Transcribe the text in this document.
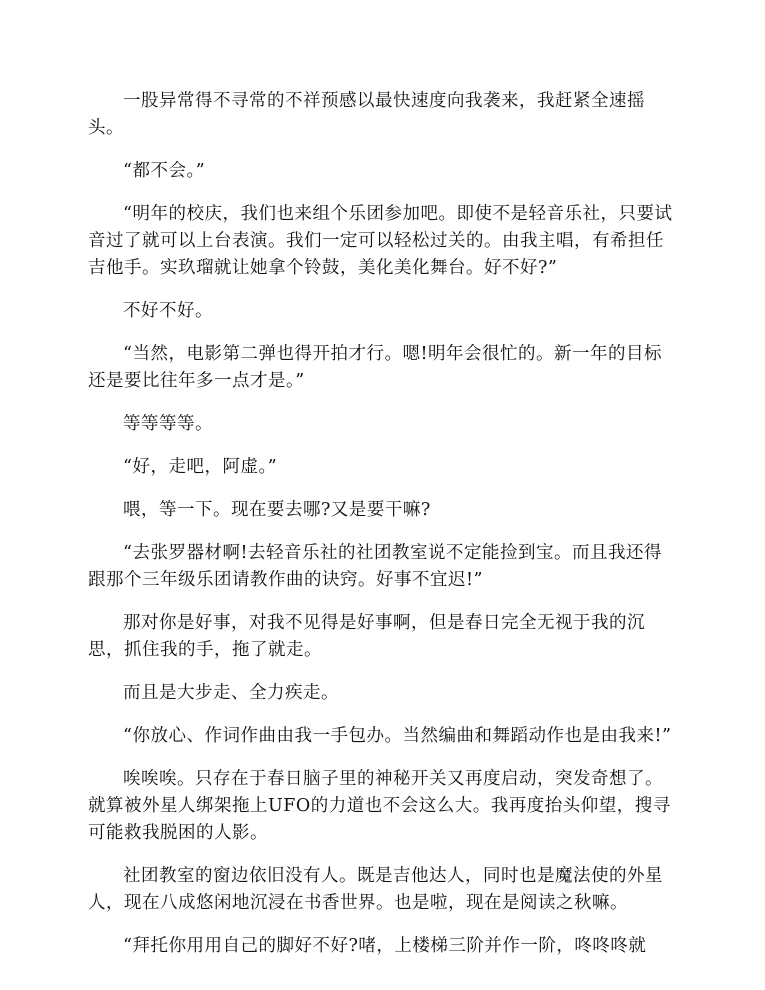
一股异常得不寻常的不祥预感以最快速度向我袭来，我赶紧全速摇头。

“都不会。”

“明年的校庆，我们也来组个乐团参加吧。即使不是轻音乐社，只要试音过了就可以上台表演。我们一定可以轻松过关的。由我主唱，有希担任吉他手。实玖瑠就让她拿个铃鼓，美化美化舞台。好不好?”

不好不好。

“当然，电影第二弹也得开拍才行。嗯!明年会很忙的。新一年的目标还是要比往年多一点才是。”

等等等等。

“好，走吧，阿虚。”

喂，等一下。现在要去哪?又是要干嘛?

“去张罗器材啊!去轻音乐社的社团教室说不定能捡到宝。而且我还得跟那个三年级乐团请教作曲的诀窍。好事不宜迟!”

那对你是好事，对我不见得是好事啊，但是春日完全无视于我的沉思，抓住我的手，拖了就走。

而且是大步走、全力疾走。

“你放心、作词作曲由我一手包办。当然编曲和舞蹈动作也是由我来!”

唉唉唉。只存在于春日脑子里的神秘开关又再度启动，突发奇想了。就算被外星人绑架拖上UFO的力道也不会这么大。我再度抬头仰望，搜寻可能救我脱困的人影。

社团教室的窗边依旧没有人。既是吉他达人，同时也是魔法使的外星人，现在八成悠闲地沉浸在书香世界。也是啦，现在是阅读之秋嘛。

“拜托你用用自己的脚好不好?啫，上楼梯三阶并作一阶，咚咚咚就
